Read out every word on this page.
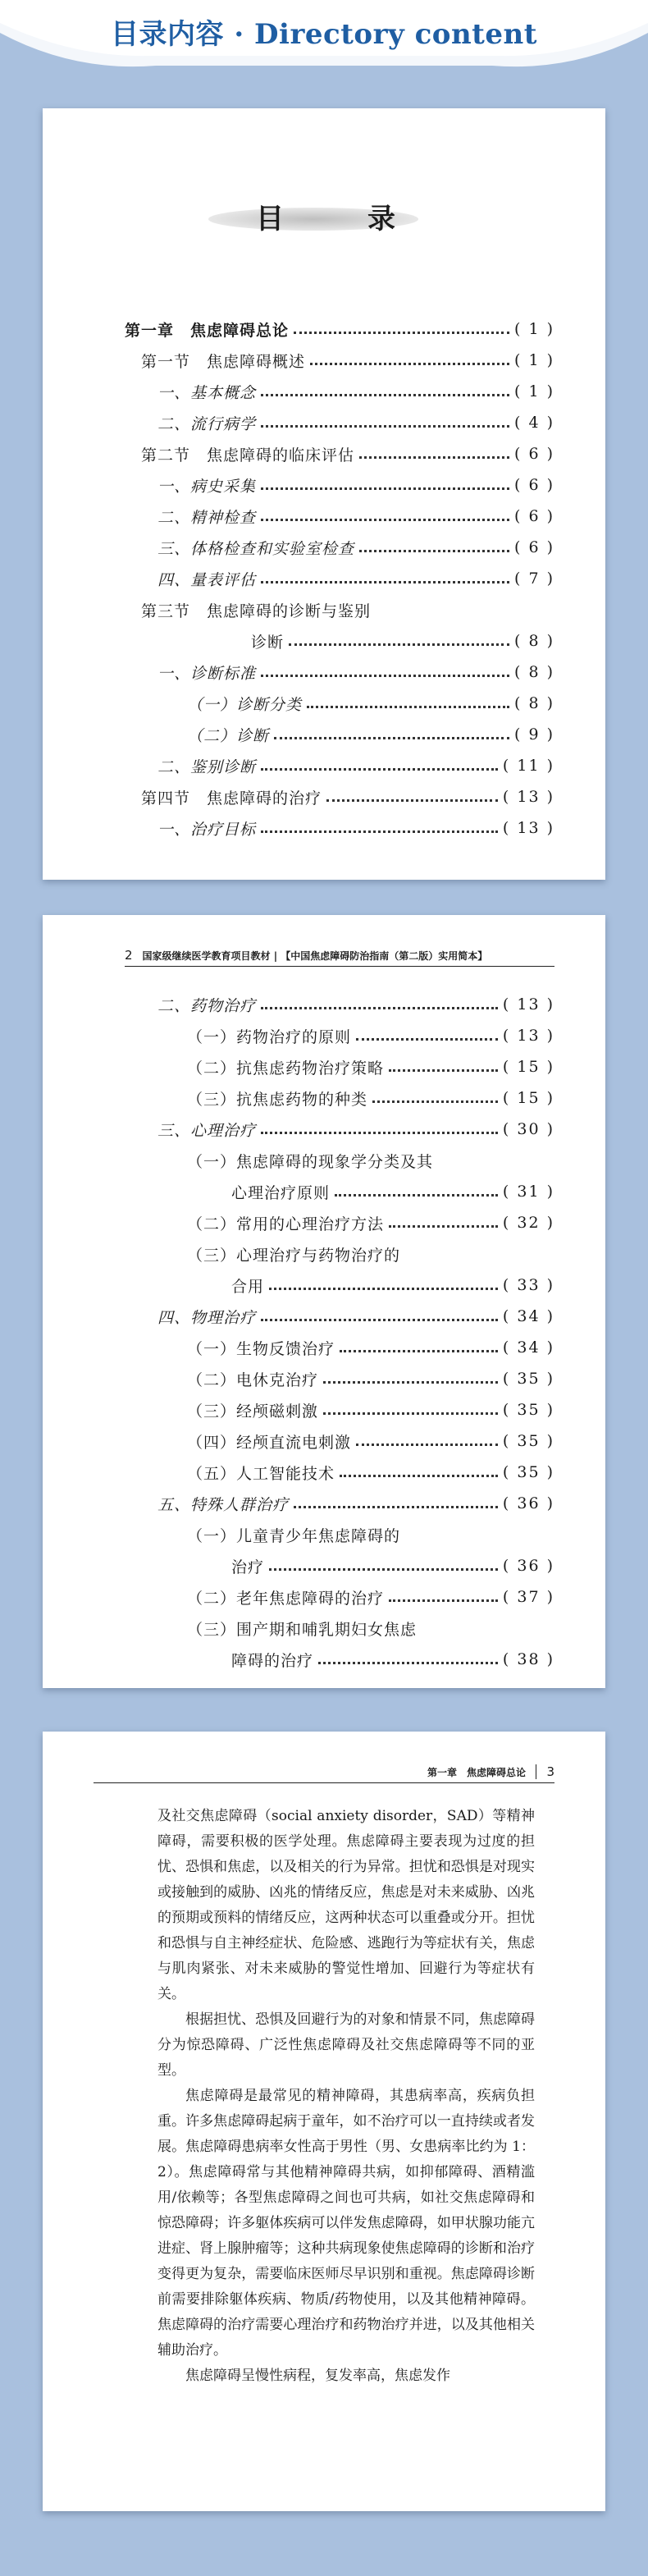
目录内容 · Directory content
目　录
第一章　焦虑障碍总论	( 1 )
第一节　焦虑障碍概述	( 1 )
一、基本概念	( 1 )
二、流行病学	( 4 )
第二节　焦虑障碍的临床评估	( 6 )
一、病史采集	( 6 )
二、精神检查	( 6 )
三、体格检查和实验室检查	( 6 )
四、量表评估	( 7 )
第三节　焦虑障碍的诊断与鉴别
诊断	( 8 )
一、诊断标准	( 8 )
（一）诊断分类	( 8 )
（二）诊断	( 9 )
二、鉴别诊断	( 11 )
第四节　焦虑障碍的治疗	( 13 )
一、治疗目标	( 13 )
2 国家级继续医学教育项目教材 | 【中国焦虑障碍防治指南（第二版）实用简本】
二、药物治疗	( 13 )
（一）药物治疗的原则	( 13 )
（二）抗焦虑药物治疗策略	( 15 )
（三）抗焦虑药物的种类	( 15 )
三、心理治疗	( 30 )
（一）焦虑障碍的现象学分类及其
心理治疗原则	( 31 )
（二）常用的心理治疗方法	( 32 )
（三）心理治疗与药物治疗的
合用	( 33 )
四、物理治疗	( 34 )
（一）生物反馈治疗	( 34 )
（二）电休克治疗	( 35 )
（三）经颅磁刺激	( 35 )
（四）经颅直流电刺激	( 35 )
（五）人工智能技术	( 35 )
五、特殊人群治疗	( 36 )
（一）儿童青少年焦虑障碍的
治疗	( 36 )
（二）老年焦虑障碍的治疗	( 37 )
（三）围产期和哺乳期妇女焦虑
障碍的治疗	( 38 )
第一章　焦虑障碍总论 3

及社交焦虑障碍（social anxiety disorder，SAD）等精神障碍，需要积极的医学处理。焦虑障碍主要表现为过度的担忧、恐惧和焦虑，以及相关的行为异常。担忧和恐惧是对现实或接触到的威胁、凶兆的情绪反应，焦虑是对未来威胁、凶兆的预期或预料的情绪反应，这两种状态可以重叠或分开。担忧和恐惧与自主神经症状、危险感、逃跑行为等症状有关，焦虑与肌肉紧张、对未来威胁的警觉性增加、回避行为等症状有关。

根据担忧、恐惧及回避行为的对象和情景不同，焦虑障碍分为惊恐障碍、广泛性焦虑障碍及社交焦虑障碍等不同的亚型。

焦虑障碍是最常见的精神障碍，其患病率高，疾病负担重。许多焦虑障碍起病于童年，如不治疗可以一直持续或者发展。焦虑障碍患病率女性高于男性（男、女患病率比约为 1：2）。焦虑障碍常与其他精神障碍共病，如抑郁障碍、酒精滥用/依赖等；各型焦虑障碍之间也可共病，如社交焦虑障碍和惊恐障碍；许多躯体疾病可以伴发焦虑障碍，如甲状腺功能亢进症、肾上腺肿瘤等；这种共病现象使焦虑障碍的诊断和治疗变得更为复杂，需要临床医师尽早识别和重视。焦虑障碍诊断前需要排除躯体疾病、物质/药物使用，以及其他精神障碍。焦虑障碍的治疗需要心理治疗和药物治疗并进，以及其他相关辅助治疗。

焦虑障碍呈慢性病程，复发率高，焦虑发作
